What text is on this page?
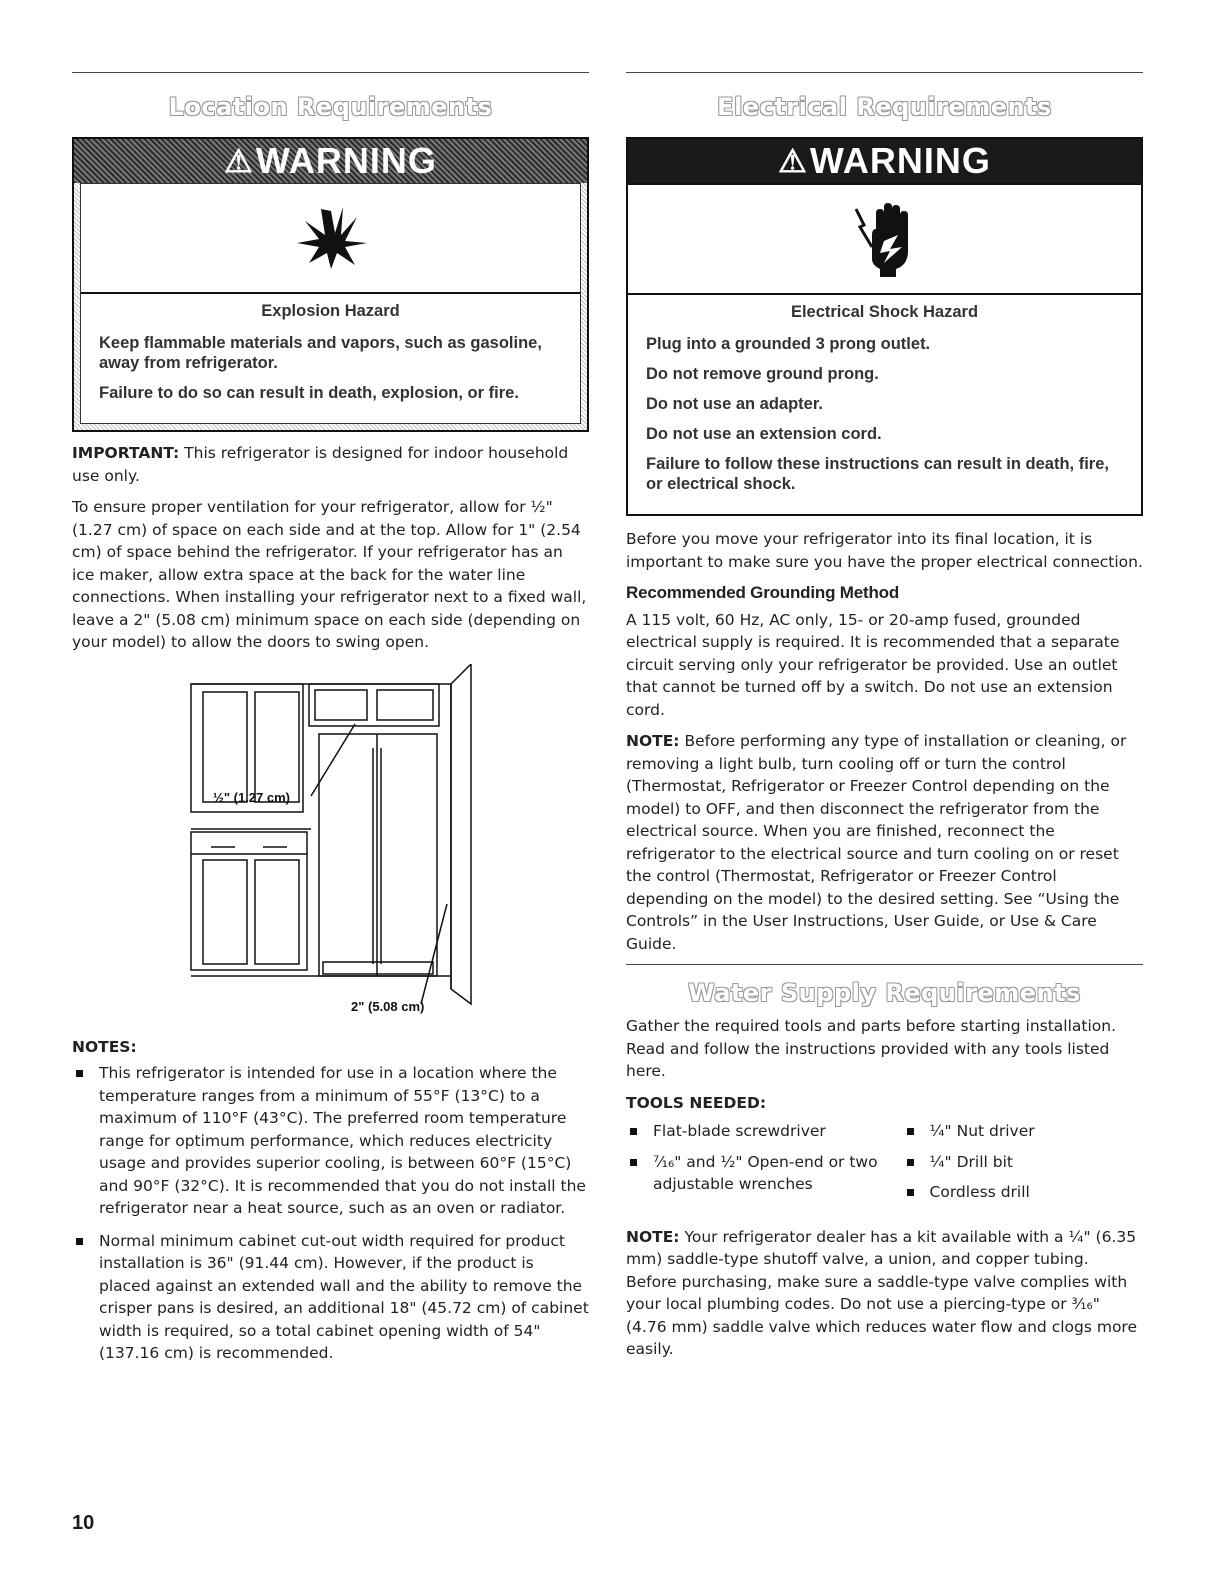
Location Requirements
⚠ WARNING
Explosion Hazard

Keep flammable materials and vapors, such as gasoline, away from refrigerator.

Failure to do so can result in death, explosion, or fire.

IMPORTANT: This refrigerator is designed for indoor household use only.

To ensure proper ventilation for your refrigerator, allow for ½" (1.27 cm) of space on each side and at the top. Allow for 1" (2.54 cm) of space behind the refrigerator. If your refrigerator has an ice maker, allow extra space at the back for the water line connections. When installing your refrigerator next to a fixed wall, leave a 2" (5.08 cm) minimum space on each side (depending on your model) to allow the doors to swing open.

½" (1.27 cm)
2" (5.08 cm)
NOTES:
This refrigerator is intended for use in a location where the temperature ranges from a minimum of 55°F (13°C) to a maximum of 110°F (43°C). The preferred room temperature range for optimum performance, which reduces electricity usage and provides superior cooling, is between 60°F (15°C) and 90°F (32°C). It is recommended that you do not install the refrigerator near a heat source, such as an oven or radiator.
Normal minimum cabinet cut-out width required for product installation is 36" (91.44 cm). However, if the product is placed against an extended wall and the ability to remove the crisper pans is desired, an additional 18" (45.72 cm) of cabinet width is required, so a total cabinet opening width of 54" (137.16 cm) is recommended.
Electrical Requirements
⚠ WARNING
Electrical Shock Hazard

Plug into a grounded 3 prong outlet.

Do not remove ground prong.

Do not use an adapter.

Do not use an extension cord.

Failure to follow these instructions can result in death, fire, or electrical shock.

Before you move your refrigerator into its final location, it is important to make sure you have the proper electrical connection.

Recommended Grounding Method

A 115 volt, 60 Hz, AC only, 15- or 20-amp fused, grounded electrical supply is required. It is recommended that a separate circuit serving only your refrigerator be provided. Use an outlet that cannot be turned off by a switch. Do not use an extension cord.

NOTE: Before performing any type of installation or cleaning, or removing a light bulb, turn cooling off or turn the control (Thermostat, Refrigerator or Freezer Control depending on the model) to OFF, and then disconnect the refrigerator from the electrical source. When you are finished, reconnect the refrigerator to the electrical source and turn cooling on or reset the control (Thermostat, Refrigerator or Freezer Control depending on the model) to the desired setting. See “Using the Controls” in the User Instructions, User Guide, or Use & Care Guide.

Water Supply Requirements

Gather the required tools and parts before starting installation. Read and follow the instructions provided with any tools listed here.

TOOLS NEEDED:
Flat-blade screwdriver
⁷⁄₁₆" and ½" Open-end or two adjustable wrenches
¼" Nut driver
¼" Drill bit
Cordless drill

NOTE: Your refrigerator dealer has a kit available with a ¼" (6.35 mm) saddle-type shutoff valve, a union, and copper tubing. Before purchasing, make sure a saddle-type valve complies with your local plumbing codes. Do not use a piercing-type or ³⁄₁₆" (4.76 mm) saddle valve which reduces water flow and clogs more easily.

10
